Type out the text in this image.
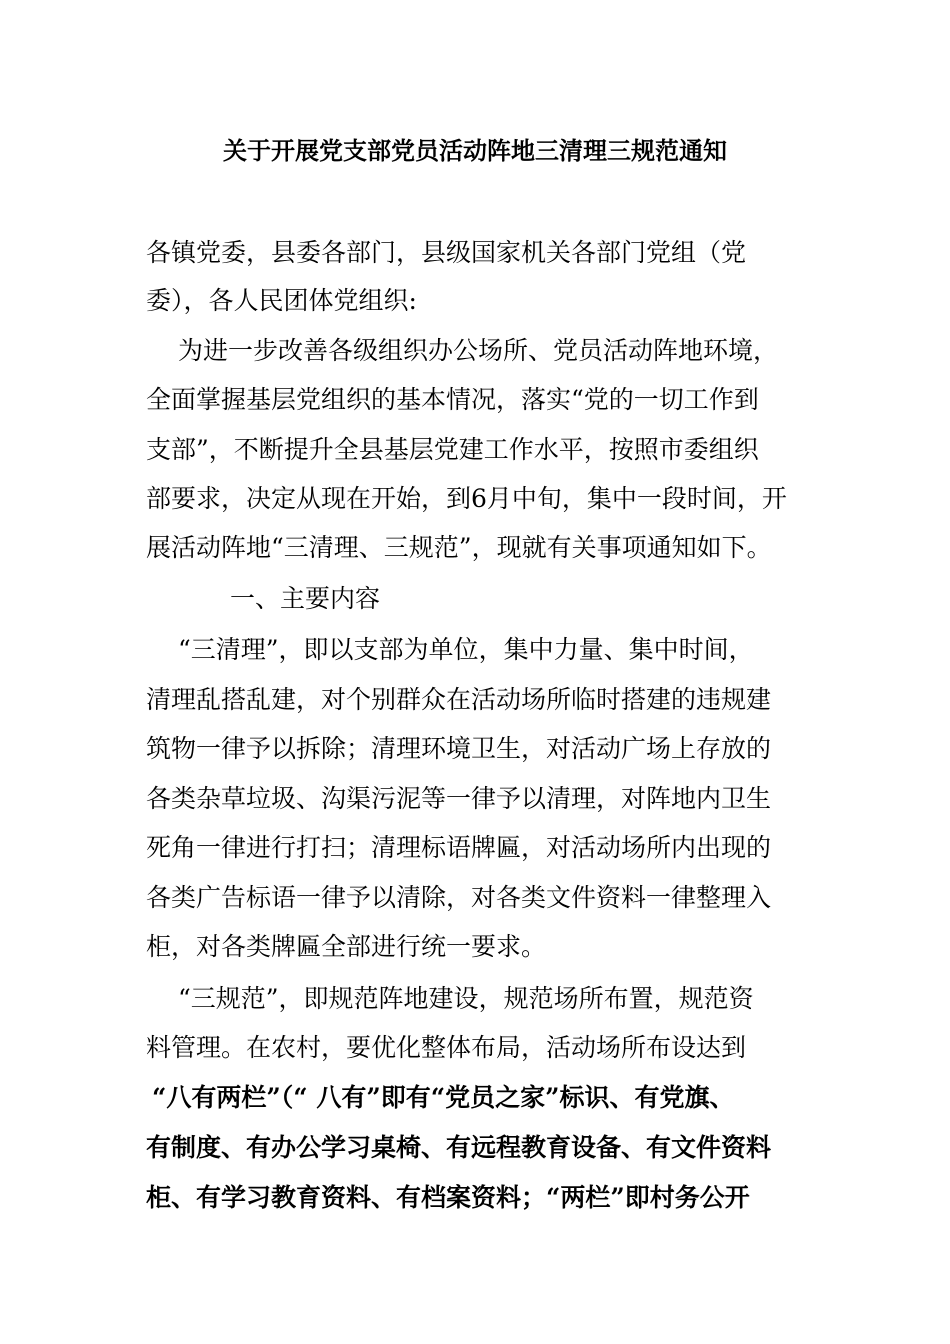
关于开展党支部党员活动阵地三清理三规范通知
各镇党委，县委各部门，县级国家机关各部门党组（党
委），各人民团体党组织:
为进一步改善各级组织办公场所、党员活动阵地环境，
全面掌握基层党组织的基本情况，落实“党的一切工作到
支部”，不断提升全县基层党建工作水平，按照市委组织
部要求，决定从现在开始，到6月中旬，集中一段时间，开
展活动阵地“三清理、三规范”，现就有关事项通知如下。
一、主要内容
“三清理”，即以支部为单位，集中力量、集中时间，
清理乱搭乱建，对个别群众在活动场所临时搭建的违规建
筑物一律予以拆除；清理环境卫生，对活动广场上存放的
各类杂草垃圾、沟渠污泥等一律予以清理，对阵地内卫生
死角一律进行打扫；清理标语牌匾，对活动场所内出现的
各类广告标语一律予以清除，对各类文件资料一律整理入
柜，对各类牌匾全部进行统一要求。
“三规范”，即规范阵地建设，规范场所布置，规范资
料管理。在农村，要优化整体布局，活动场所布设达到
“八有两栏”（“ 八有”即有“党员之家”标识、有党旗、
有制度、有办公学习桌椅、有远程教育设备、有文件资料
柜、有学习教育资料、有档案资料；“两栏”即村务公开
